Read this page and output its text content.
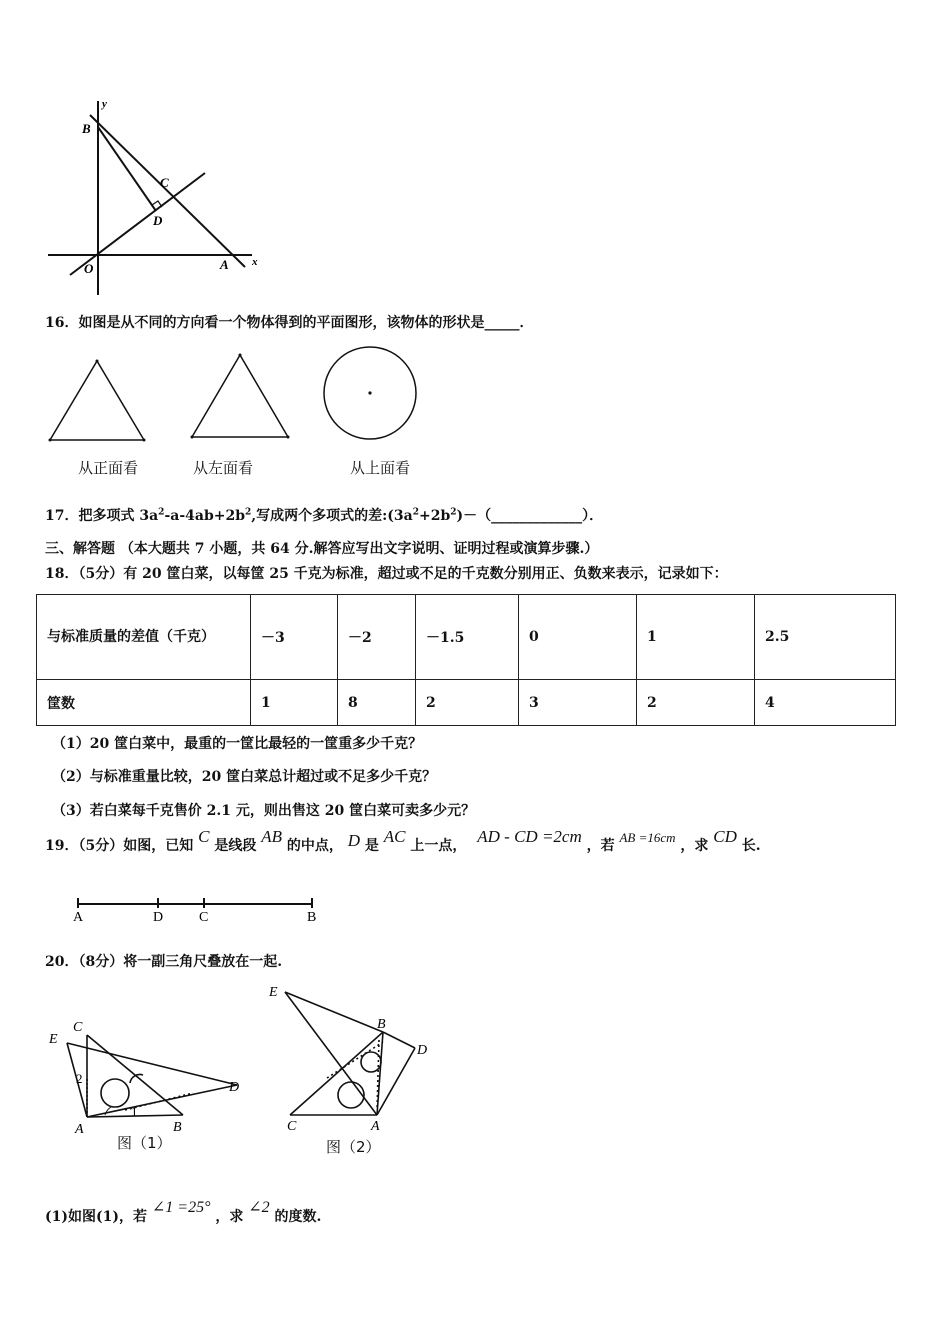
y
B
C
D
O	A x
16．如图是从不同的方向看一个物体得到的平面图形，该物体的形状是_____．
从正面看	从左面看	从上面看
17．把多项式 $3a^2-a-4ab+2b^2$,写成两个多项式的差$:(3a^2+2b^2)-(\_\_\_\_\_\_\_\_\_\_\_\_\_)$．
三、解答题 （本大题共 7 小题，共 64 分.解答应写出文字说明、证明过程或演算步骤.）
18．（5分）有 20 筐白菜，以每筐 25 千克为标准，超过或不足的千克数分别用正、负数来表示，记录如下：
与标准质量的差值（千克）	－3	－2	－1.5	0	1	2.5
筐数	1	8	2	3	2	4
（1）20 筐白菜中，最重的一筐比最轻的一筐重多少千克？
（2）与标准重量比较，20 筐白菜总计超过或不足多少千克？
（3）若白菜每千克售价 2.1 元，则出售这 20 筐白菜可卖多少元？
19．（5分）如图，已知 C 是线段 AB 的中点， D 是 AC 上一点， AD - CD =2cm ，若 AB =16cm ，求 CD 长.
A	D	C	B
20．（8分）将一副三角尺叠放在一起.
E
C
2
1
A	B
D
图（1）
E
B
D
C	A
图（2）
(1)如图(1)，若 ∠1 =25° ，求 ∠2 的度数.
